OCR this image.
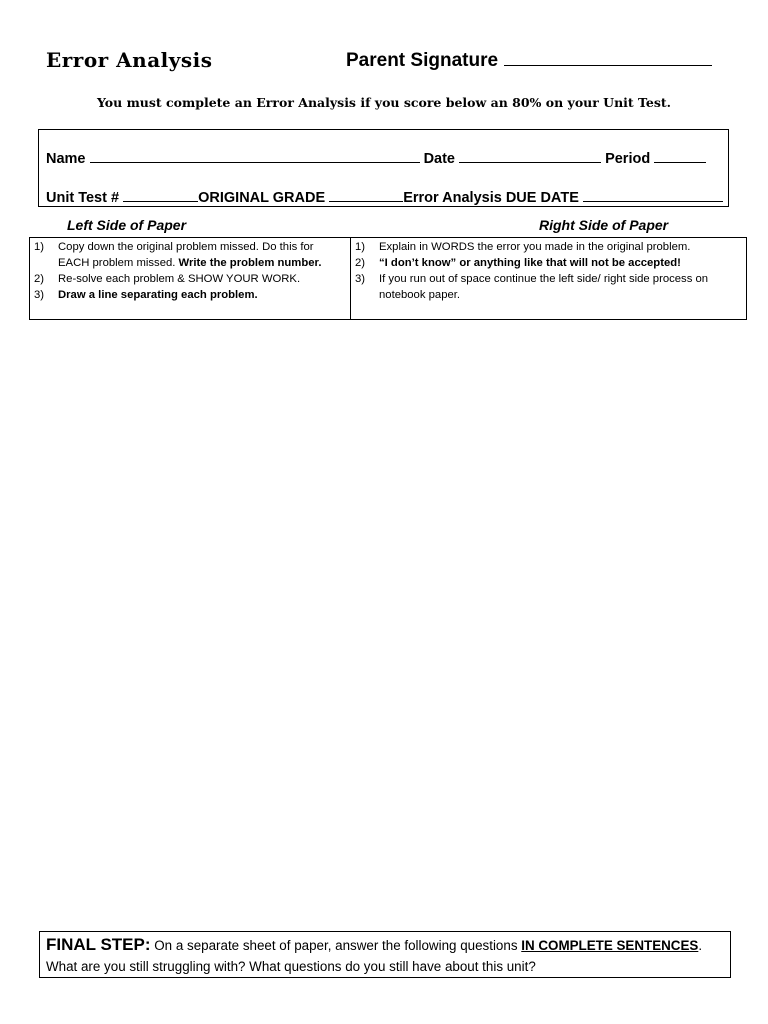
Error Analysis	Parent Signature
You must complete an Error Analysis if you score below an 80% on your Unit Test.
Name	Date	Period
Unit Test #	ORIGINAL GRADE	Error Analysis DUE DATE
Left Side of Paper	Right Side of Paper
1)	Copy down the original problem missed. Do this for EACH problem missed. Write the problem number.
2)	Re-solve each problem & SHOW YOUR WORK.
3)	Draw a line separating each problem.
1)	Explain in WORDS the error you made in the original problem.
2)	“I don’t know” or anything like that will not be accepted!
3)	If you run out of space continue the left side/ right side process on notebook paper.
FINAL STEP: On a separate sheet of paper, answer the following questions IN COMPLETE SENTENCES. What are you still struggling with? What questions do you still have about this unit?
